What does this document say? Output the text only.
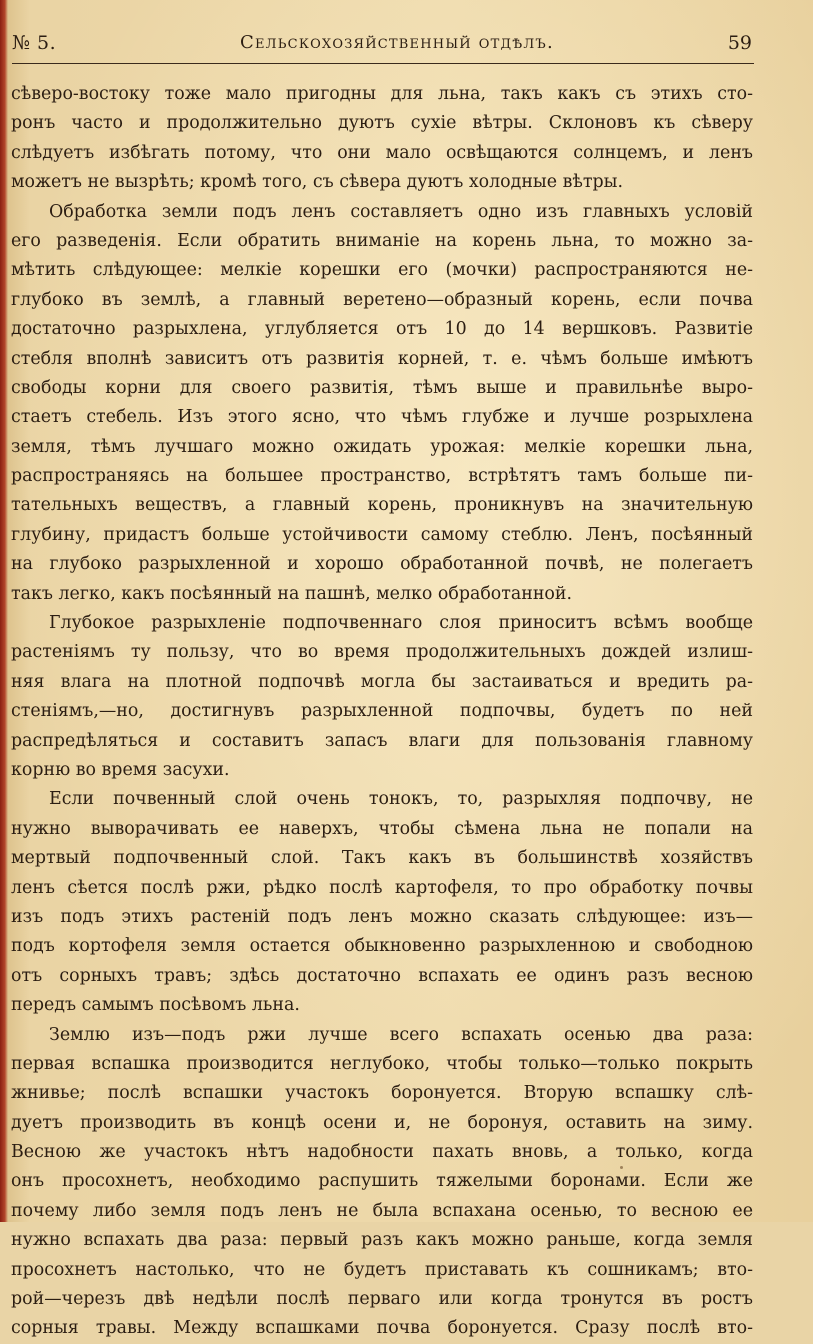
№ 5.	Сельскохозяйственный отдѣлъ.	59
сѣверо-востоку тоже мало пригодны для льна, такъ какъ съ этихъ сто-
ронъ часто и продолжительно дуютъ сухіе вѣтры. Склоновъ къ сѣверу
слѣдуетъ избѣгать потому, что они мало освѣщаются солнцемъ, и ленъ
можетъ не вызрѣть; кромѣ того, съ сѣвера дуютъ холодные вѣтры.
Обработка земли подъ ленъ составляетъ одно изъ главныхъ условій
его разведенія. Если обратить вниманіе на корень льна, то можно за-
мѣтить слѣдующее: мелкіе корешки его (мочки) распространяются не-
глубоко въ землѣ, а главный веретено—образный корень, если почва
достаточно разрыхлена, углубляется отъ 10 до 14 вершковъ. Развитіе
стебля вполнѣ зависитъ отъ развитія корней, т. е. чѣмъ больше имѣютъ
свободы корни для своего развитія, тѣмъ выше и правильнѣе выро-
стаетъ стебель. Изъ этого ясно, что чѣмъ глубже и лучше розрыхлена
земля, тѣмъ лучшаго можно ожидать урожая: мелкіе корешки льна,
распространяясь на большее пространство, встрѣтятъ тамъ больше пи-
тательныхъ веществъ, а главный корень, проникнувъ на значительную
глубину, придастъ больше устойчивости самому стеблю. Ленъ, посѣянный
на глубоко разрыхленной и хорошо обработанной почвѣ, не полегаетъ
такъ легко, какъ посѣянный на пашнѣ, мелко обработанной.
Глубокое разрыхленіе подпочвеннаго слоя приноситъ всѣмъ вообще
растеніямъ ту пользу, что во время продолжительныхъ дождей излиш-
няя влага на плотной подпочвѣ могла бы застаиваться и вредить ра-
стеніямъ,—но, достигнувъ разрыхленной подпочвы, будетъ по ней
распредѣляться и составитъ запасъ влаги для пользованія главному
корню во время засухи.
Если почвенный слой очень тонокъ, то, разрыхляя подпочву, не
нужно выворачивать ее наверхъ, чтобы сѣмена льна не попали на
мертвый подпочвенный слой. Такъ какъ въ большинствѣ хозяйствъ
ленъ сѣется послѣ ржи, рѣдко послѣ картофеля, то про обработку почвы
изъ подъ этихъ растеній подъ ленъ можно сказать слѣдующее: изъ—
подъ кортофеля земля остается обыкновенно разрыхленною и свободною
отъ сорныхъ травъ; здѣсь достаточно вспахать ее одинъ разъ весною
передъ самымъ посѣвомъ льна.
Землю изъ—подъ ржи лучше всего вспахать осенью два раза:
первая вспашка производится неглубоко, чтобы только—только покрыть
жнивье; послѣ вспашки участокъ боронуется. Вторую вспашку слѣ-
дуетъ производить въ концѣ осени и, не боронуя, оставить на зиму.
Весною же участокъ нѣтъ надобности пахать вновь, а только, когда
онъ просохнетъ, необходимо распушить тяжелыми боронами. Если же
почему либо земля подъ ленъ не была вспахана осенью, то весною ее
нужно вспахать два раза: первый разъ какъ можно раньше, когда земля
просохнетъ настолько, что не будетъ приставать къ сошникамъ; вто-
рой—черезъ двѣ недѣли послѣ перваго или когда тронутся въ ростъ
сорныя травы. Между вспашками почва боронуется. Сразу послѣ вто-
